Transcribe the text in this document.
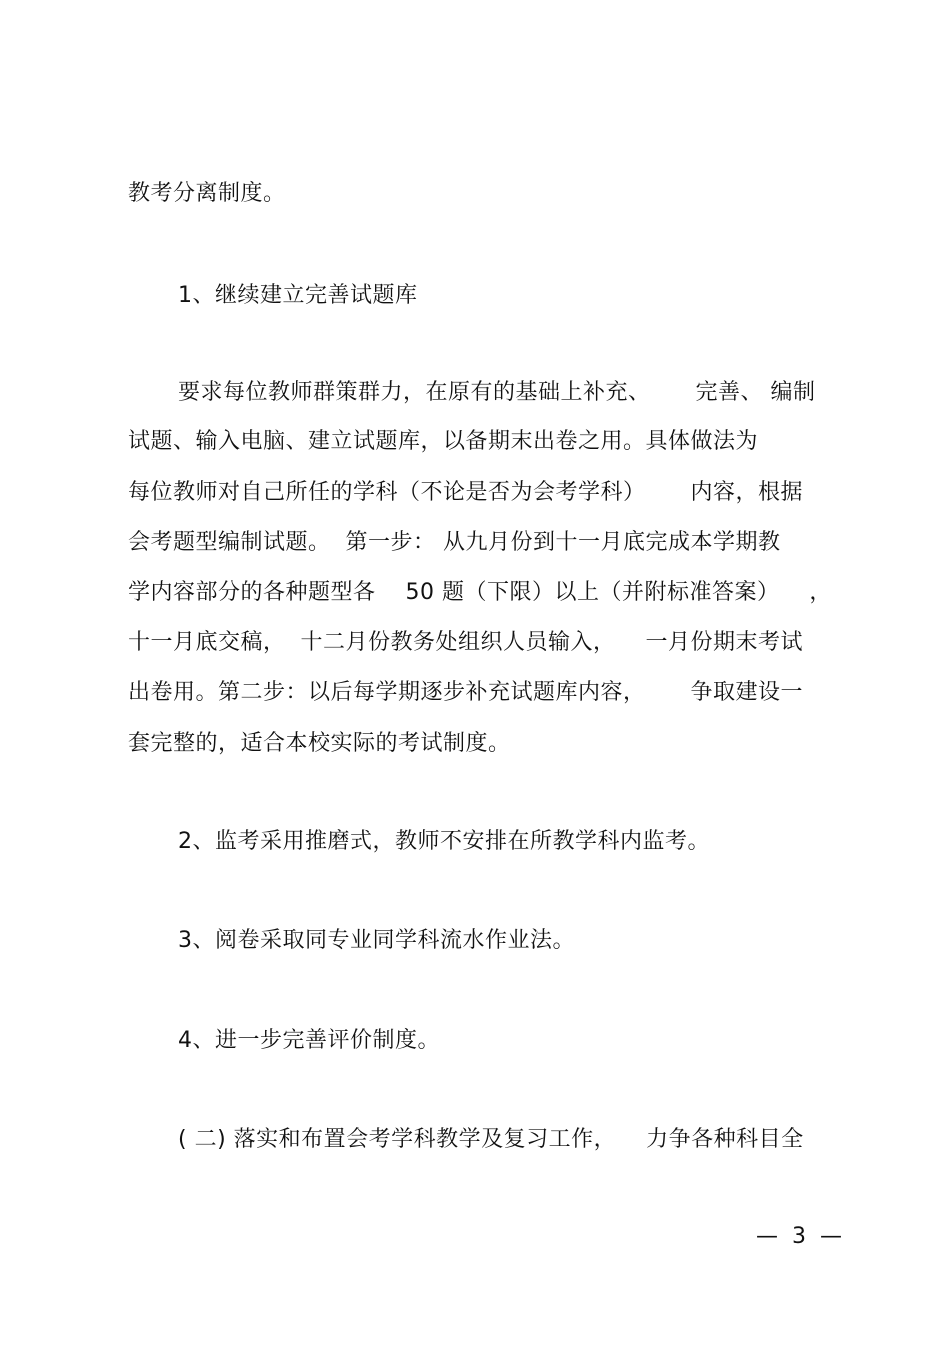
教考分离制度。
1、继续建立完善试题库
要求每位教师群策群力，在原有的基础上补充、      完善、 编制
试题、输入电脑、建立试题库，以备期末出卷之用。具体做法为
每位教师对自己所任的学科（不论是否为会考学科）      内容，根据
会考题型编制试题。  第一步： 从九月份到十一月底完成本学期教
学内容部分的各种题型各    50 题（下限）以上（并附标准答案）    ，
十一月底交稿，  十二月份教务处组织人员输入，    一月份期末考试
出卷用。第二步：以后每学期逐步补充试题库内容，      争取建设一
套完整的，适合本校实际的考试制度。
2、监考采用推磨式，教师不安排在所教学科内监考。
3、阅卷采取同专业同学科流水作业法。
4、进一步完善评价制度。
( 二) 落实和布置会考学科教学及复习工作，    力争各种科目全
—  3  —
